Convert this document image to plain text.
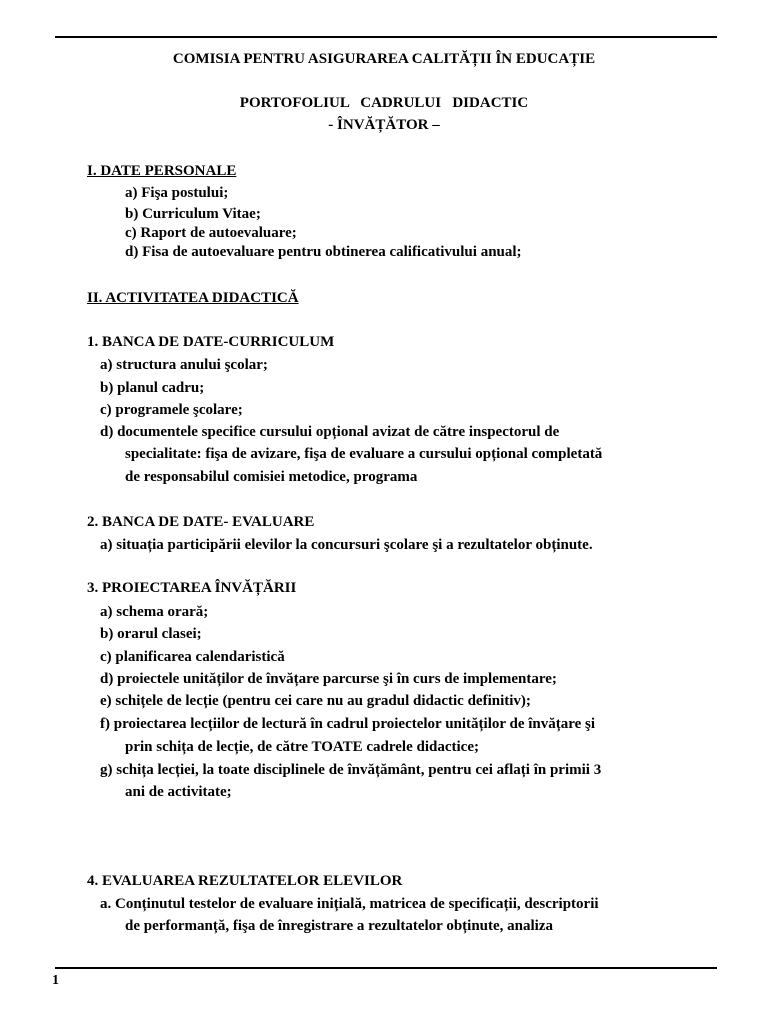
COMISIA PENTRU ASIGURAREA CALITĂȚII ÎN EDUCAȚIE
PORTOFOLIUL   CADRULUI   DIDACTIC
- ÎNVĂȚĂTOR –
I. DATE PERSONALE
a) Fişa postului;
b) Curriculum Vitae;
c) Raport de autoevaluare;
d) Fisa de autoevaluare pentru obtinerea calificativului anual;
II. ACTIVITATEA DIDACTICĂ
1. BANCA DE DATE-CURRICULUM
a) structura anului şcolar;
b) planul cadru;
c) programele şcolare;
d) documentele specifice cursului opțional avizat de către inspectorul de
specialitate: fişa de avizare, fişa de evaluare a cursului opțional completată
de responsabilul comisiei metodice, programa
2. BANCA DE DATE- EVALUARE
a) situația participării elevilor la concursuri şcolare şi a rezultatelor obținute.
3. PROIECTAREA ÎNVĂȚĂRII
a) schema orară;
b) orarul clasei;
c) planificarea calendaristică
d) proiectele unităților de învățare parcurse şi în curs de implementare;
e) schițele de lecție (pentru cei care nu au gradul didactic definitiv);
f) proiectarea lecțiilor de lectură în cadrul proiectelor unităților de învățare şi
prin schița de lecție, de către TOATE cadrele didactice;
g) schița lecției, la toate disciplinele de învățământ, pentru cei aflați în primii 3
ani de activitate;
4. EVALUAREA REZULTATELOR ELEVILOR
a. Conținutul testelor de evaluare inițială, matricea de specificații, descriptorii
de performanță, fişa de înregistrare a rezultatelor obținute, analiza
1
